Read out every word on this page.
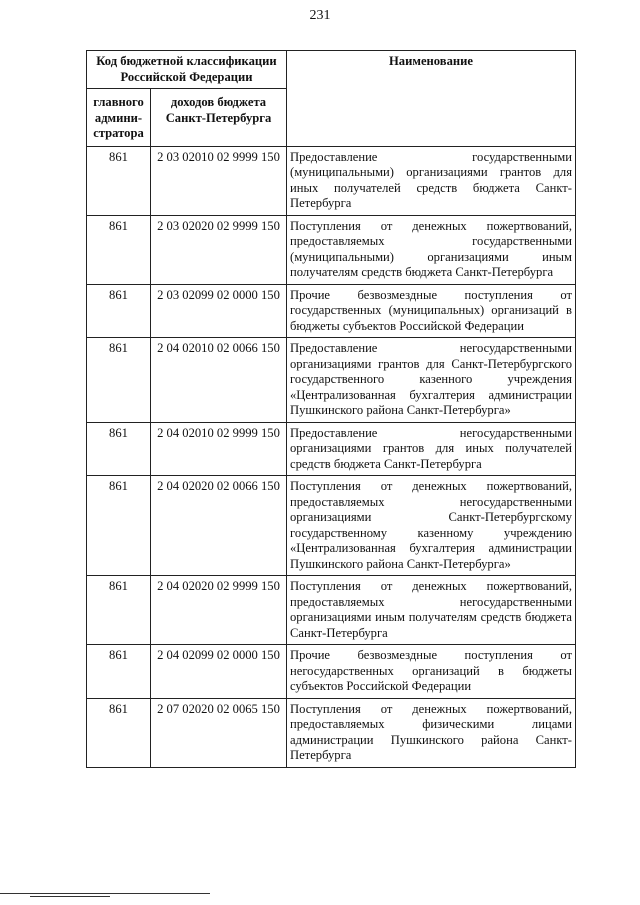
231
Код бюджетной классификации Российской Федерации		Наименование
главного админи-стратора	доходов бюджета Санкт-Петербурга	
861	2 03 02010 02 9999 150	Предоставление государственными (муниципальными) организациями грантов для иных получателей средств бюджета Санкт-Петербурга
861	2 03 02020 02 9999 150	Поступления от денежных пожертвований, предоставляемых государственными (муниципальными) организациями иным получателям средств бюджета Санкт-Петербурга
861	2 03 02099 02 0000 150	Прочие безвозмездные поступления от государственных (муниципальных) организаций в бюджеты субъектов Российской Федерации
861	2 04 02010 02 0066 150	Предоставление негосударственными организациями грантов для Санкт-Петербургского государственного казенного учреждения «Централизованная бухгалтерия администрации Пушкинского района Санкт-Петербурга»
861	2 04 02010 02 9999 150	Предоставление негосударственными организациями грантов для иных получателей средств бюджета Санкт-Петербурга
861	2 04 02020 02 0066 150	Поступления от денежных пожертвований, предоставляемых негосударственными организациями Санкт-Петербургскому государственному казенному учреждению «Централизованная бухгалтерия администрации Пушкинского района Санкт-Петербурга»
861	2 04 02020 02 9999 150	Поступления от денежных пожертвований, предоставляемых негосударственными организациями иным получателям средств бюджета Санкт-Петербурга
861	2 04 02099 02 0000 150	Прочие безвозмездные поступления от негосударственных организаций в бюджеты субъектов Российской Федерации
861	2 07 02020 02 0065 150	Поступления от денежных пожертвований, предоставляемых физическими лицами администрации Пушкинского района Санкт-Петербурга
